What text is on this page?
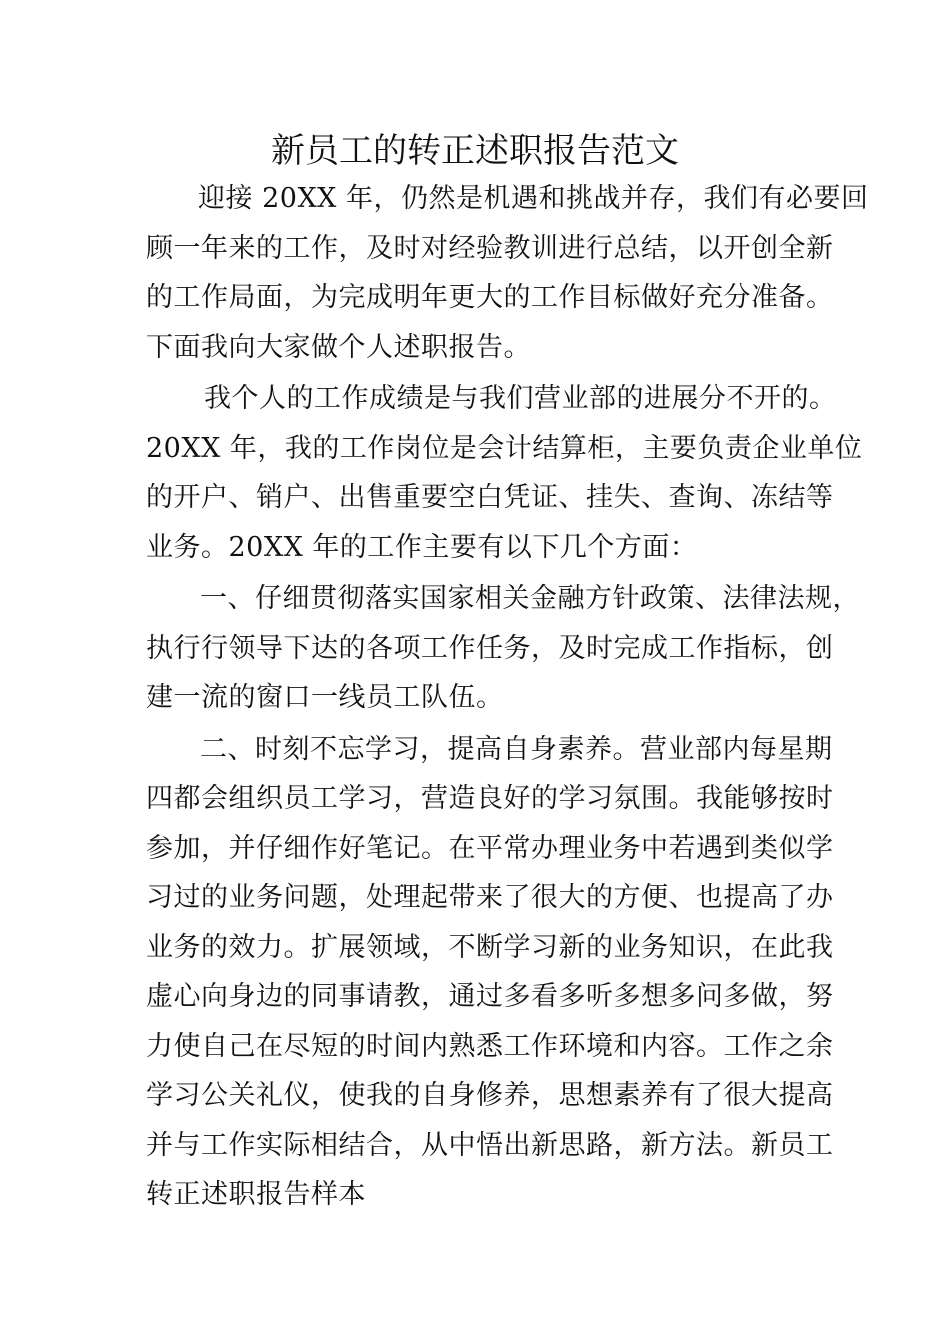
新员工的转正述职报告范文

迎接 20XX 年，仍然是机遇和挑战并存，我们有必要回
顾一年来的工作，及时对经验教训进行总结，以开创全新
的工作局面，为完成明年更大的工作目标做好充分准备。
下面我向大家做个人述职报告。

我个人的工作成绩是与我们营业部的进展分不开的。
20XX 年，我的工作岗位是会计结算柜，主要负责企业单位
的开户、销户、出售重要空白凭证、挂失、查询、冻结等
业务。20XX 年的工作主要有以下几个方面：

一、仔细贯彻落实国家相关金融方针政策、法律法规，
执行行领导下达的各项工作任务，及时完成工作指标，创
建一流的窗口一线员工队伍。

二、时刻不忘学习，提高自身素养。营业部内每星期
四都会组织员工学习，营造良好的学习氛围。我能够按时
参加，并仔细作好笔记。在平常办理业务中若遇到类似学
习过的业务问题，处理起带来了很大的方便、也提高了办
业务的效力。扩展领域，不断学习新的业务知识，在此我
虚心向身边的同事请教，通过多看多听多想多问多做，努
力使自己在尽短的时间内熟悉工作环境和内容。工作之余
学习公关礼仪，使我的自身修养，思想素养有了很大提高
并与工作实际相结合，从中悟出新思路，新方法。新员工
转正述职报告样本
